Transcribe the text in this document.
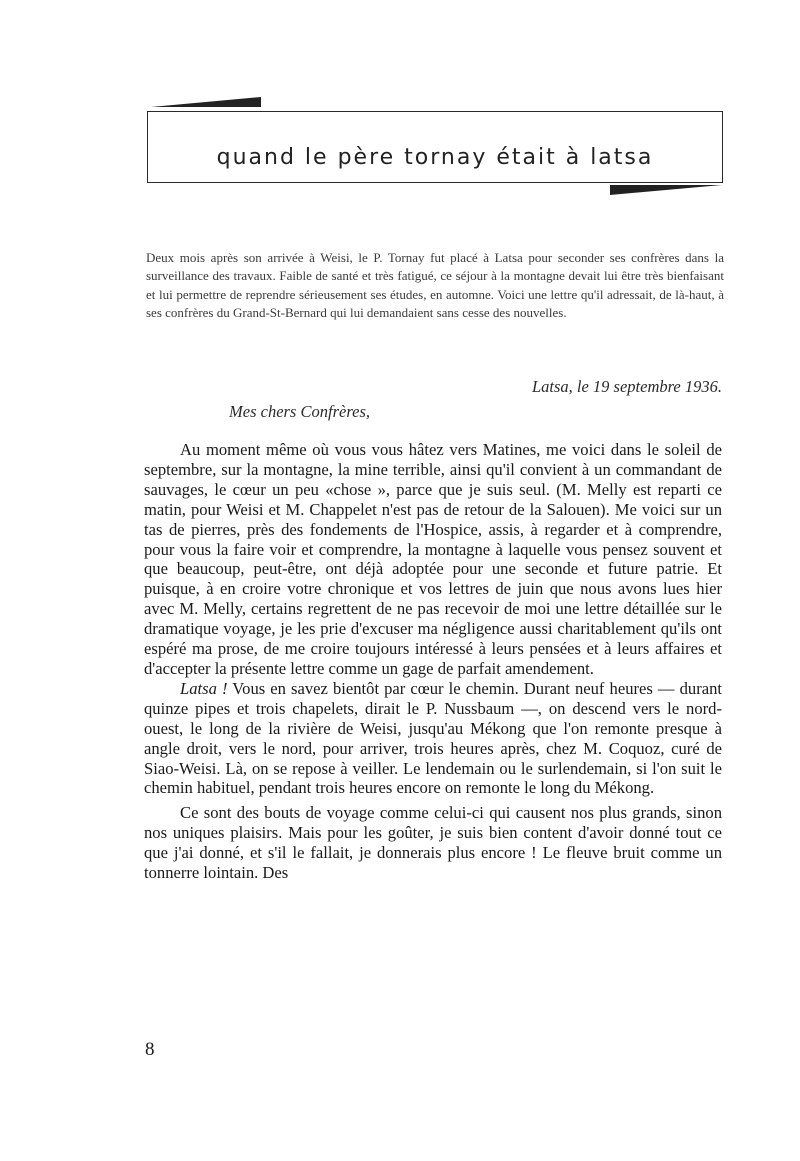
quand le père tornay était à latsa

Deux mois après son arrivée à Weisi, le P. Tornay fut placé à Latsa pour seconder ses confrères dans la surveillance des travaux. Faible de santé et très fatigué, ce séjour à la montagne devait lui être très bienfaisant et lui permettre de reprendre sérieusement ses études, en automne. Voici une lettre qu'il adressait, de là-haut, à ses confrères du Grand-St-Bernard qui lui demandaient sans cesse des nouvelles.

Latsa, le 19 septembre 1936.

Mes chers Confrères,

Au moment même où vous vous hâtez vers Matines, me voici dans le soleil de septembre, sur la montagne, la mine terrible, ainsi qu'il convient à un commandant de sauvages, le cœur un peu «chose », parce que je suis seul. (M. Melly est reparti ce matin, pour Weisi et M. Chappelet n'est pas de retour de la Salouen). Me voici sur un tas de pierres, près des fondements de l'Hospice, assis, à regarder et à comprendre, pour vous la faire voir et comprendre, la montagne à laquelle vous pensez souvent et que beaucoup, peut-être, ont déjà adoptée pour une seconde et future patrie. Et puisque, à en croire votre chronique et vos lettres de juin que nous avons lues hier avec M. Melly, certains regrettent de ne pas recevoir de moi une lettre détaillée sur le dramatique voyage, je les prie d'excuser ma négligence aussi charitablement qu'ils ont espéré ma prose, de me croire toujours intéressé à leurs pensées et à leurs affaires et d'accepter la présente lettre comme un gage de parfait amendement.

Latsa ! Vous en savez bientôt par cœur le chemin. Durant neuf heures — durant quinze pipes et trois chapelets, dirait le P. Nussbaum —, on descend vers le nord-ouest, le long de la rivière de Weisi, jusqu'au Mékong que l'on remonte presque à angle droit, vers le nord, pour arriver, trois heures après, chez M. Coquoz, curé de Siao-Weisi. Là, on se repose à veiller. Le lendemain ou le surlendemain, si l'on suit le chemin habituel, pendant trois heures encore on remonte le long du Mékong.

Ce sont des bouts de voyage comme celui-ci qui causent nos plus grands, sinon nos uniques plaisirs. Mais pour les goûter, je suis bien content d'avoir donné tout ce que j'ai donné, et s'il le fallait, je donnerais plus encore ! Le fleuve bruit comme un tonnerre lointain. Des

8
